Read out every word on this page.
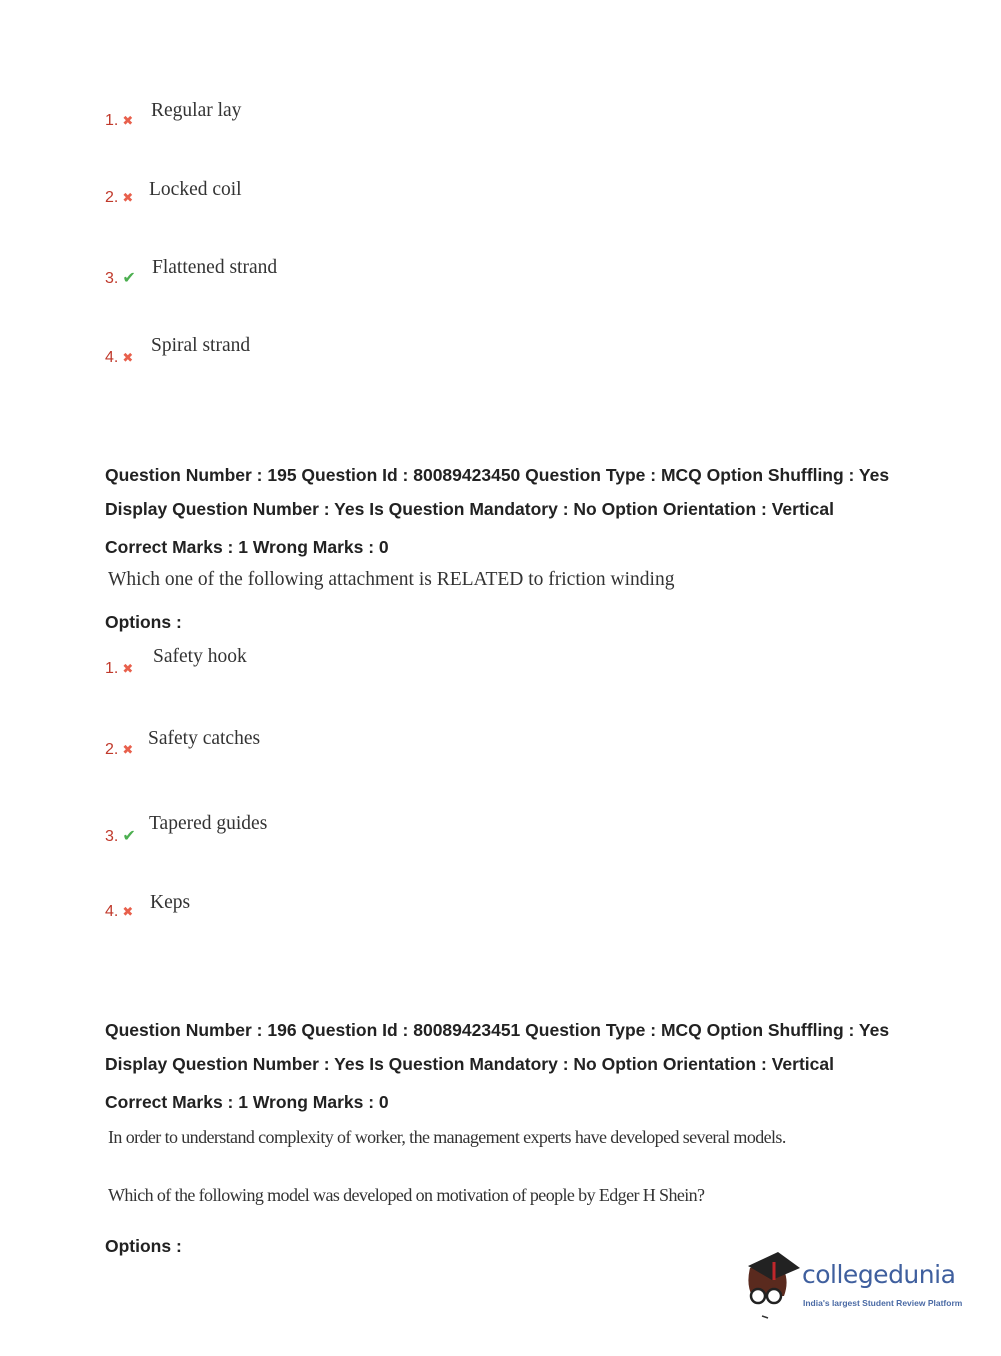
1. ✖
Regular lay
2. ✖ Locked coil
3. ✔ Flattened strand
4. ✖
Spiral strand
Question Number : 195 Question Id : 80089423450 Question Type : MCQ Option Shuffling : Yes
Display Question Number : Yes Is Question Mandatory : No Option Orientation : Vertical
Correct Marks : 1 Wrong Marks : 0
Which one of the following attachment is RELATED to friction winding
Options :
1. ✖
Safety hook
2. ✖
Safety catches
3. ✔
Tapered guides
4. ✖ Keps
Question Number : 196 Question Id : 80089423451 Question Type : MCQ Option Shuffling : Yes
Display Question Number : Yes Is Question Mandatory : No Option Orientation : Vertical
Correct Marks : 1 Wrong Marks : 0
In order to understand complexity of worker, the management experts have developed several models.
Which of the following model was developed on motivation of people by Edger H Shein?
Options :
collegedunia
India's largest Student Review Platform
